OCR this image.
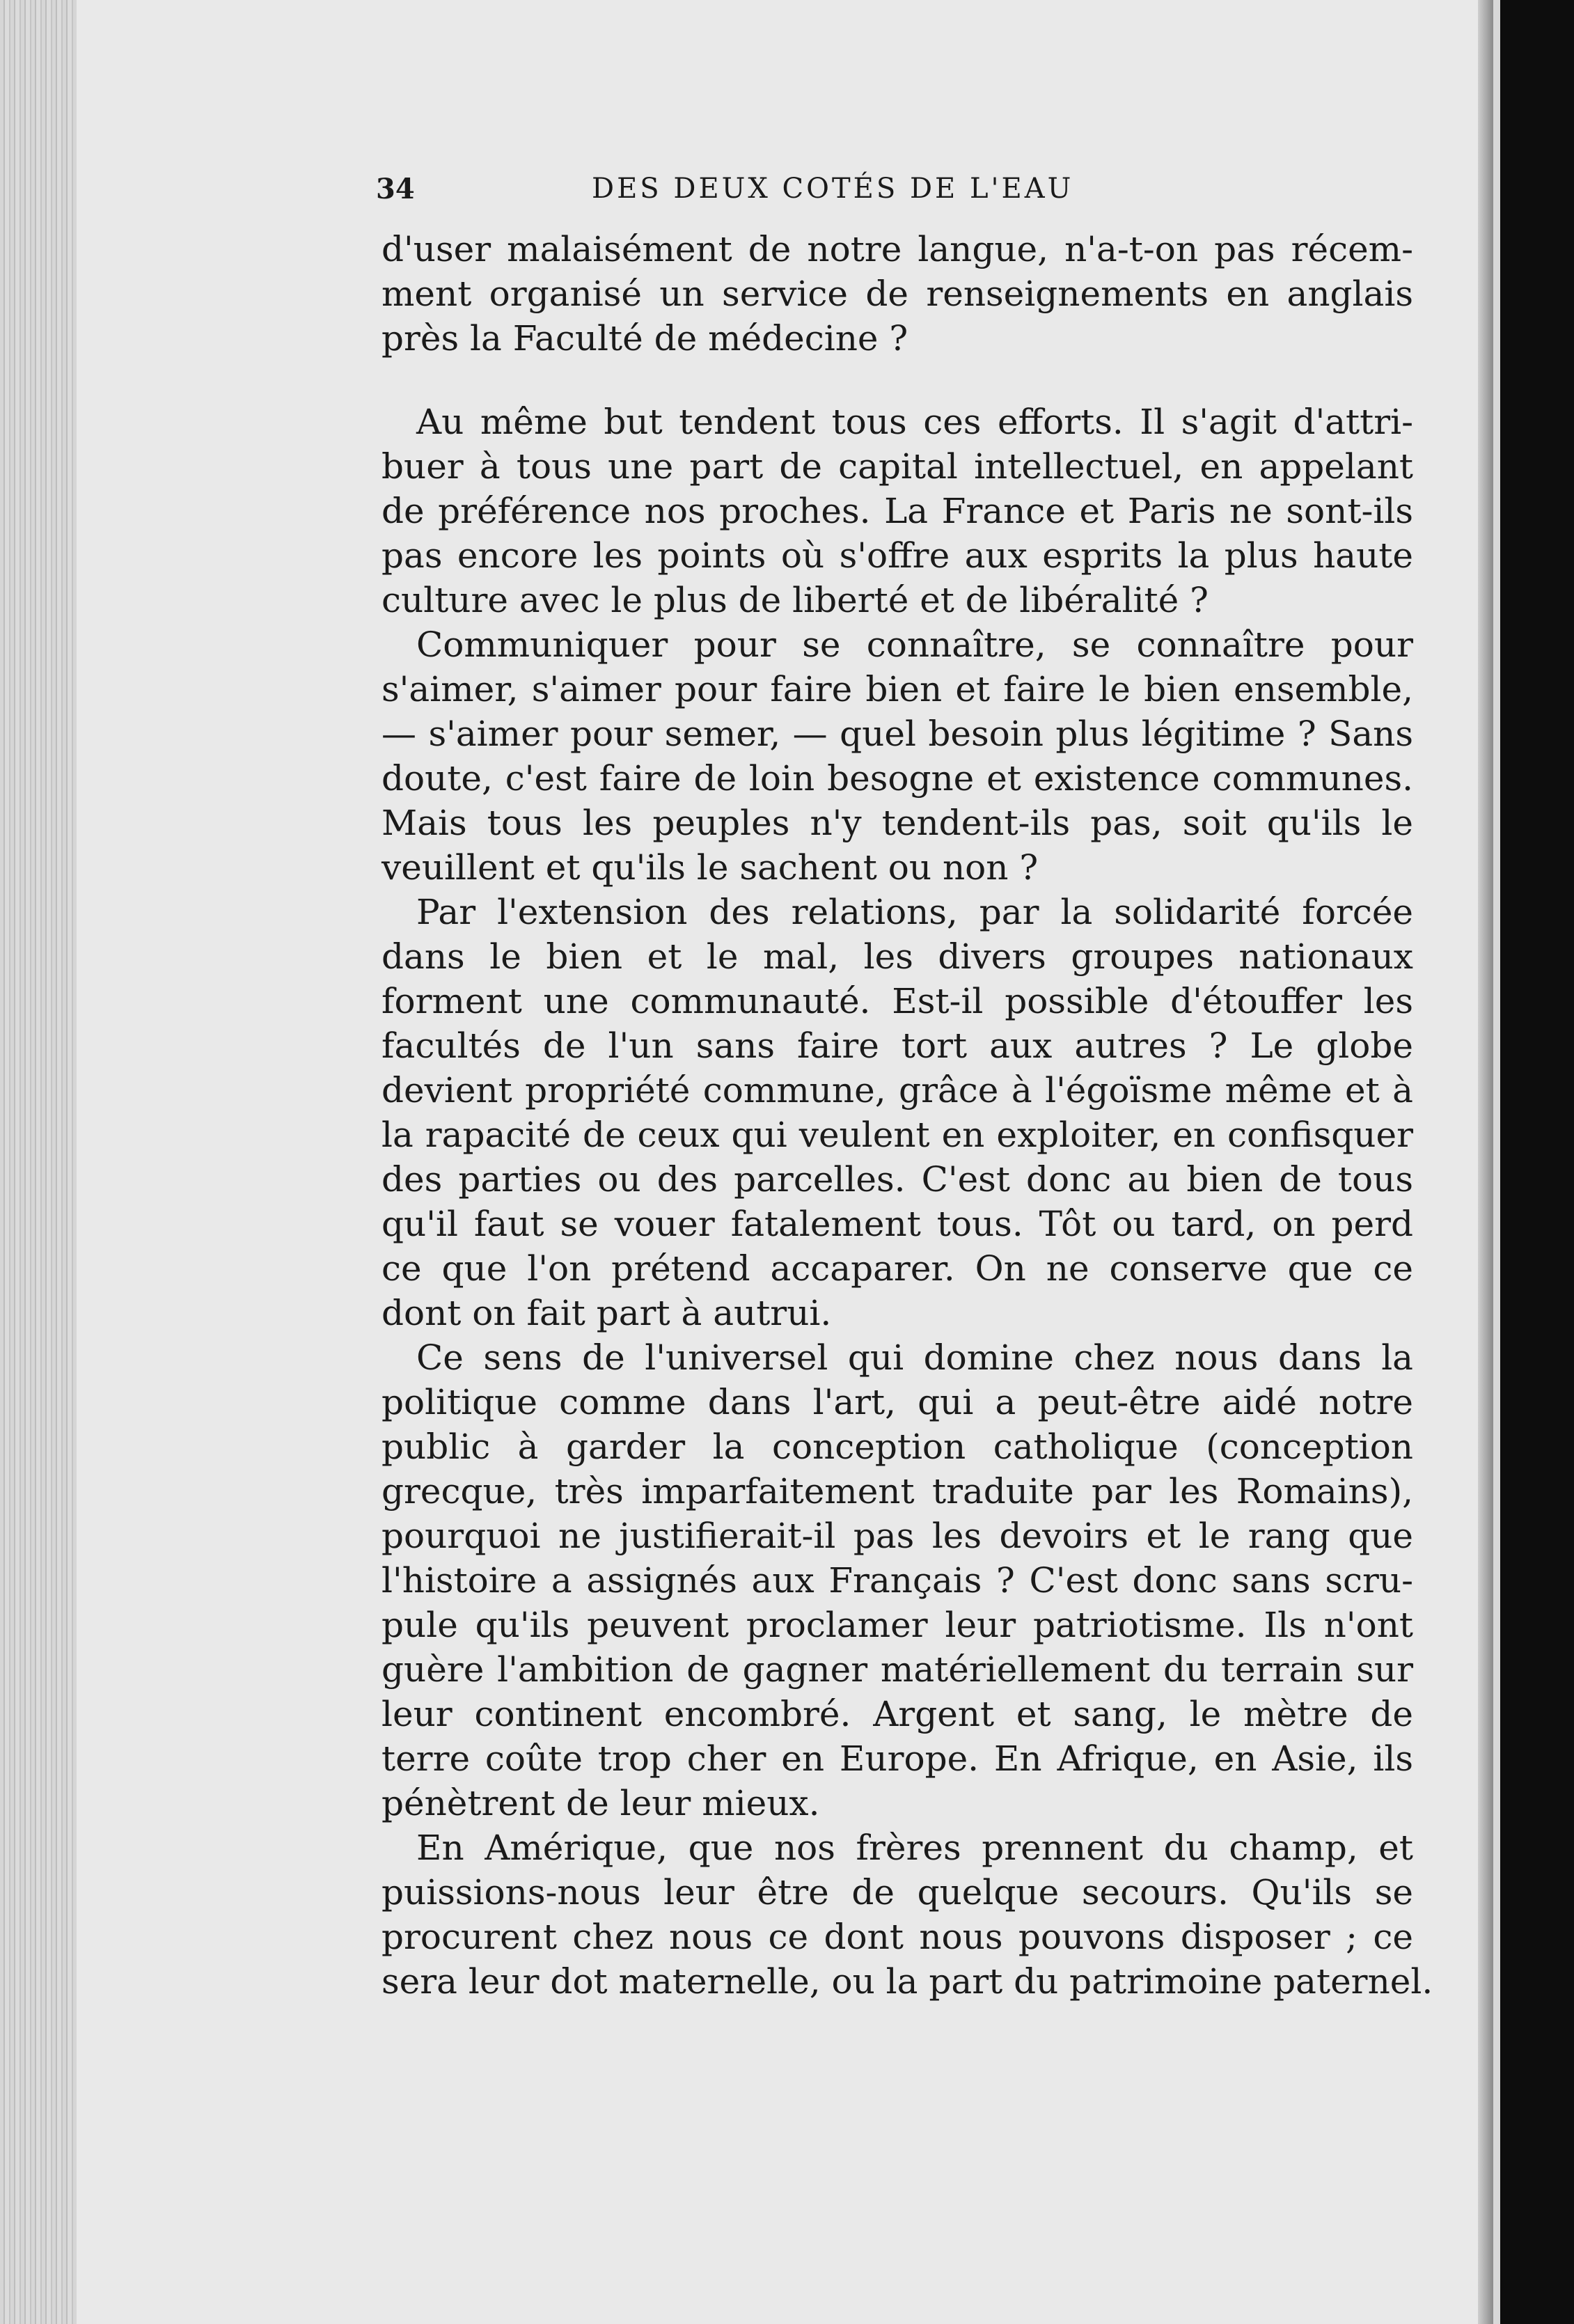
34	DES DEUX COTÉS DE L'EAU
d'user malaisément de notre langue, n'a-t-on pas récem-
ment organisé un service de renseignements en anglais
près la Faculté de médecine ?
Au même but tendent tous ces efforts. Il s'agit d'attri-
buer à tous une part de capital intellectuel, en appelant
de préférence nos proches. La France et Paris ne sont-ils
pas encore les points où s'offre aux esprits la plus haute
culture avec le plus de liberté et de libéralité ?
Communiquer pour se connaître, se connaître pour
s'aimer, s'aimer pour faire bien et faire le bien ensemble,
— s'aimer pour semer, — quel besoin plus légitime ? Sans
doute, c'est faire de loin besogne et existence communes.
Mais tous les peuples n'y tendent-ils pas, soit qu'ils le
veuillent et qu'ils le sachent ou non ?
Par l'extension des relations, par la solidarité forcée
dans le bien et le mal, les divers groupes nationaux
forment une communauté. Est-il possible d'étouffer les
facultés de l'un sans faire tort aux autres ? Le globe
devient propriété commune, grâce à l'égoïsme même et à
la rapacité de ceux qui veulent en exploiter, en confisquer
des parties ou des parcelles. C'est donc au bien de tous
qu'il faut se vouer fatalement tous. Tôt ou tard, on perd
ce que l'on prétend accaparer. On ne conserve que ce
dont on fait part à autrui.
Ce sens de l'universel qui domine chez nous dans la
politique comme dans l'art, qui a peut-être aidé notre
public à garder la conception catholique (conception
grecque, très imparfaitement traduite par les Romains),
pourquoi ne justifierait-il pas les devoirs et le rang que
l'histoire a assignés aux Français ? C'est donc sans scru-
pule qu'ils peuvent proclamer leur patriotisme. Ils n'ont
guère l'ambition de gagner matériellement du terrain sur
leur continent encombré. Argent et sang, le mètre de
terre coûte trop cher en Europe. En Afrique, en Asie, ils
pénètrent de leur mieux.
En Amérique, que nos frères prennent du champ, et
puissions-nous leur être de quelque secours. Qu'ils se
procurent chez nous ce dont nous pouvons disposer ; ce
sera leur dot maternelle, ou la part du patrimoine paternel.
